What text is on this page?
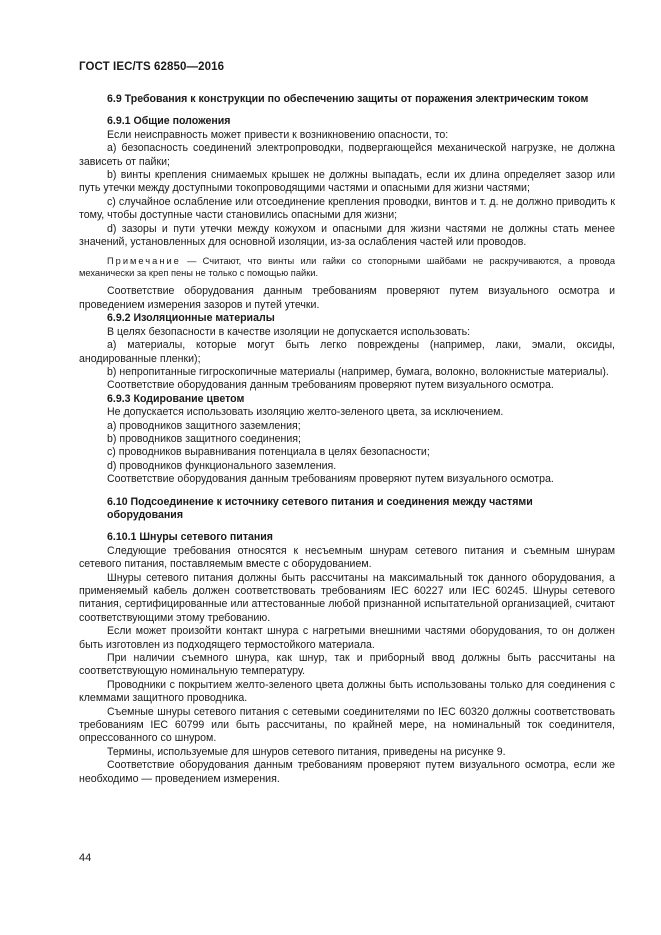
ГОСТ IEC/TS 62850—2016

6.9 Требования к конструкции по обеспечению защиты от поражения электрическим током

6.9.1 Общие положения

Если неисправность может привести к возникновению опасности, то:

a) безопасность соединений электропроводки, подвергающейся механической нагрузке, не должна зависеть от пайки;

b) винты крепления снимаемых крышек не должны выпадать, если их длина определяет зазор или путь утечки между доступными токопроводящими частями и опасными для жизни частями;

c) случайное ослабление или отсоединение крепления проводки, винтов и т. д. не должно приводить к тому, чтобы доступные части становились опасными для жизни;

d) зазоры и пути утечки между кожухом и опасными для жизни частями не должны стать менее значений, установленных для основной изоляции, из-за ослабления частей или проводов.

Примечание — Считают, что винты или гайки со стопорными шайбами не раскручиваются, а провода механически за креп пены не только с помощью пайки.

Соответствие оборудования данным требованиям проверяют путем визуального осмотра и проведением измерения зазоров и путей утечки.

6.9.2 Изоляционные материалы

В целях безопасности в качестве изоляции не допускается использовать:

a) материалы, которые могут быть легко повреждены (например, лаки, эмали, оксиды, анодированные пленки);

b) непропитанные гигроскопичные материалы (например, бумага, волокно, волокнистые материалы).

Соответствие оборудования данным требованиям проверяют путем визуального осмотра.

6.9.3 Кодирование цветом

Не допускается использовать изоляцию желто-зеленого цвета, за исключением.

a) проводников защитного заземления;

b) проводников защитного соединения;

c) проводников выравнивания потенциала в целях безопасности;

d) проводников функционального заземления.

Соответствие оборудования данным требованиям проверяют путем визуального осмотра.

6.10 Подсоединение к источнику сетевого питания и соединения между частями
оборудования

6.10.1 Шнуры сетевого питания

Следующие требования относятся к несъемным шнурам сетевого питания и съемным шнурам сетевого питания, поставляемым вместе с оборудованием.

Шнуры сетевого питания должны быть рассчитаны на максимальный ток данного оборудования, а применяемый кабель должен соответствовать требованиям IEC 60227 или IEC 60245. Шнуры сетевого питания, сертифицированные или аттестованные любой признанной испытательной организацией, считают соответствующими этому требованию.

Если может произойти контакт шнура с нагретыми внешними частями оборудования, то он должен быть изготовлен из подходящего термостойкого материала.

При наличии съемного шнура, как шнур, так и приборный ввод должны быть рассчитаны на соответствующую номинальную температуру.

Проводники с покрытием желто-зеленого цвета должны быть использованы только для соединения с клеммами защитного проводника.

Съемные шнуры сетевого питания с сетевыми соединителями по IEC 60320 должны соответствовать требованиям IEC 60799 или быть рассчитаны, по крайней мере, на номинальный ток соединителя, опрессованного со шнуром.

Термины, используемые для шнуров сетевого питания, приведены на рисунке 9.

Соответствие оборудования данным требованиям проверяют путем визуального осмотра, если же необходимо — проведением измерения.

44
